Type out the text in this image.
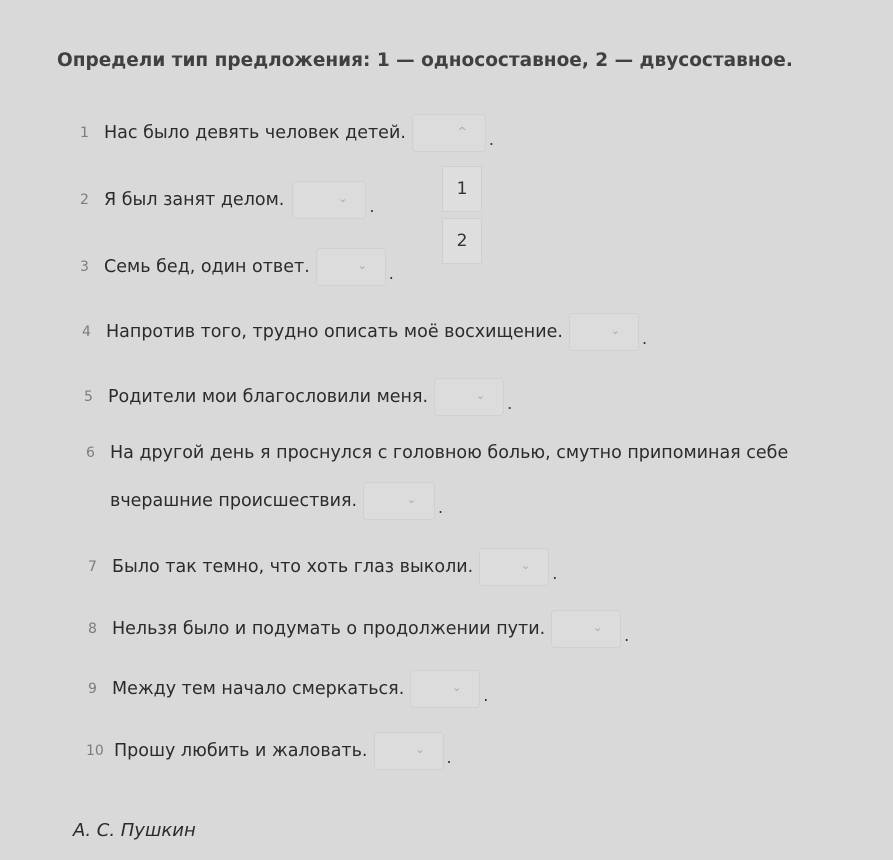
Определи тип предложения: 1 — односоставное, 2 — двусоставное.
1 Нас было девять человек детей.	^ .
1
2
2 Я был занят делом.	⌄ .
3 Семь бед, один ответ.	⌄ .
4 Напротив того, трудно описать моё восхищение.	⌄ .
5 Родители мои благословили меня.	⌄ .
6 На другой день я проснулся с головною болью, смутно припоминая себе
вчерашние происшествия.	⌄ .
7 Было так темно, что хоть глаз выколи.	⌄ .
8 Нельзя было и подумать о продолжении пути.	⌄ .
9 Между тем начало смеркаться.	⌄ .
10 Прошу любить и жаловать.	⌄ .
А. С. Пушкин
